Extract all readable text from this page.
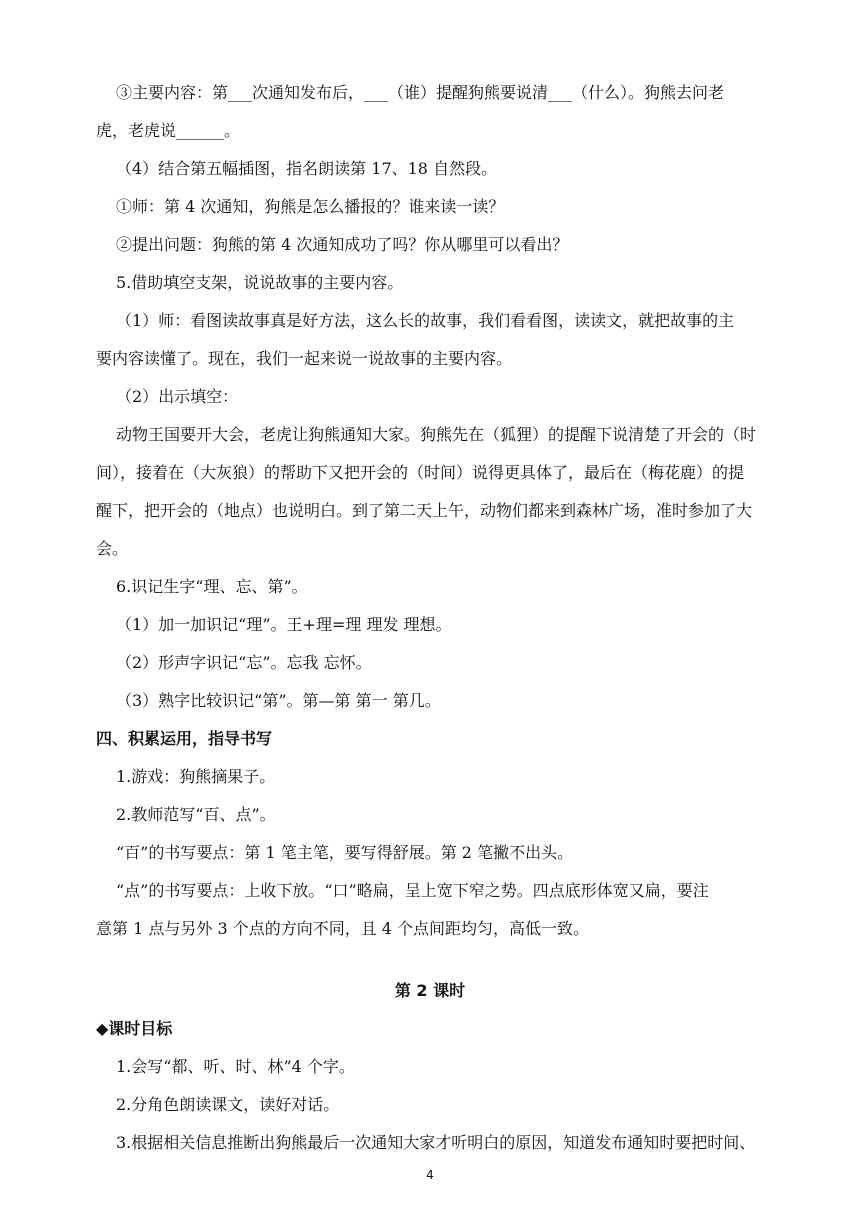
③主要内容：第___次通知发布后，___（谁）提醒狗熊要说清___（什么）。狗熊去问老
虎，老虎说______。
（4）结合第五幅插图，指名朗读第 17、18 自然段。
①师：第 4 次通知，狗熊是怎么播报的？谁来读一读？
②提出问题：狗熊的第 4 次通知成功了吗？你从哪里可以看出？
5.借助填空支架，说说故事的主要内容。
（1）师：看图读故事真是好方法，这么长的故事，我们看看图，读读文，就把故事的主
要内容读懂了。现在，我们一起来说一说故事的主要内容。
（2）出示填空：
动物王国要开大会，老虎让狗熊通知大家。狗熊先在（狐狸）的提醒下说清楚了开会的（时
间），接着在（大灰狼）的帮助下又把开会的（时间）说得更具体了，最后在（梅花鹿）的提
醒下，把开会的（地点）也说明白。到了第二天上午，动物们都来到森林广场，准时参加了大
会。
6.识记生字“理、忘、第”。
（1）加一加识记“理”。王+理=理 理发 理想。
（2）形声字识记“忘”。忘我 忘怀。
（3）熟字比较识记“第”。第—第 第一 第几。
四、积累运用，指导书写
1.游戏：狗熊摘果子。
2.教师范写“百、点”。
“百”的书写要点：第 1 笔主笔，要写得舒展。第 2 笔撇不出头。
“点”的书写要点：上收下放。“口”略扁，呈上宽下窄之势。四点底形体宽又扁，要注
意第 1 点与另外 3 个点的方向不同，且 4 个点间距均匀，高低一致。
第 2 课时
◆课时目标
1.会写“都、听、时、林”4 个字。
2.分角色朗读课文，读好对话。
3.根据相关信息推断出狗熊最后一次通知大家才听明白的原因，知道发布通知时要把时间、
4
